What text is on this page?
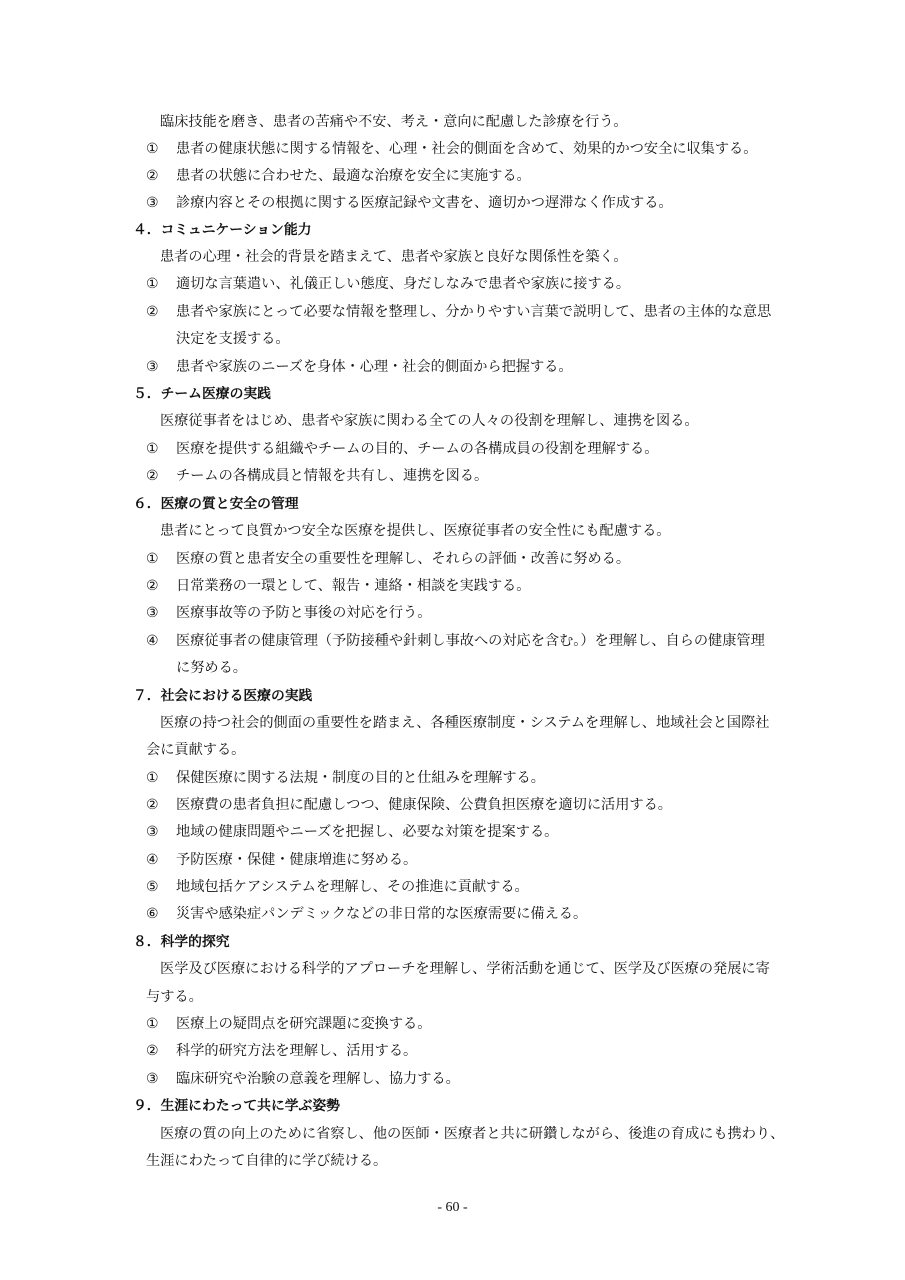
臨床技能を磨き、患者の苦痛や不安、考え・意向に配慮した診療を行う。
① 患者の健康状態に関する情報を、心理・社会的側面を含めて、効果的かつ安全に収集する。
② 患者の状態に合わせた、最適な治療を安全に実施する。
③ 診療内容とその根拠に関する医療記録や文書を、適切かつ遅滞なく作成する。
４．コミュニケーション能力
患者の心理・社会的背景を踏まえて、患者や家族と良好な関係性を築く。
① 適切な言葉遣い、礼儀正しい態度、身だしなみで患者や家族に接する。
② 患者や家族にとって必要な情報を整理し、分かりやすい言葉で説明して、患者の主体的な意思
決定を支援する。
③ 患者や家族のニーズを身体・心理・社会的側面から把握する。
５．チーム医療の実践
医療従事者をはじめ、患者や家族に関わる全ての人々の役割を理解し、連携を図る。
① 医療を提供する組織やチームの目的、チームの各構成員の役割を理解する。
② チームの各構成員と情報を共有し、連携を図る。
６．医療の質と安全の管理
患者にとって良質かつ安全な医療を提供し、医療従事者の安全性にも配慮する。
① 医療の質と患者安全の重要性を理解し、それらの評価・改善に努める。
② 日常業務の一環として、報告・連絡・相談を実践する。
③ 医療事故等の予防と事後の対応を行う。
④ 医療従事者の健康管理（予防接種や針刺し事故への対応を含む。）を理解し、自らの健康管理
に努める。
７．社会における医療の実践
医療の持つ社会的側面の重要性を踏まえ、各種医療制度・システムを理解し、地域社会と国際社
会に貢献する。
① 保健医療に関する法規・制度の目的と仕組みを理解する。
② 医療費の患者負担に配慮しつつ、健康保険、公費負担医療を適切に活用する。
③ 地域の健康問題やニーズを把握し、必要な対策を提案する。
④ 予防医療・保健・健康増進に努める。
⑤ 地域包括ケアシステムを理解し、その推進に貢献する。
⑥ 災害や感染症パンデミックなどの非日常的な医療需要に備える。
８．科学的探究
医学及び医療における科学的アプローチを理解し、学術活動を通じて、医学及び医療の発展に寄
与する。
① 医療上の疑問点を研究課題に変換する。
② 科学的研究方法を理解し、活用する。
③ 臨床研究や治験の意義を理解し、協力する。
９．生涯にわたって共に学ぶ姿勢
医療の質の向上のために省察し、他の医師・医療者と共に研鑽しながら、後進の育成にも携わり、
生涯にわたって自律的に学び続ける。
- 60 -
